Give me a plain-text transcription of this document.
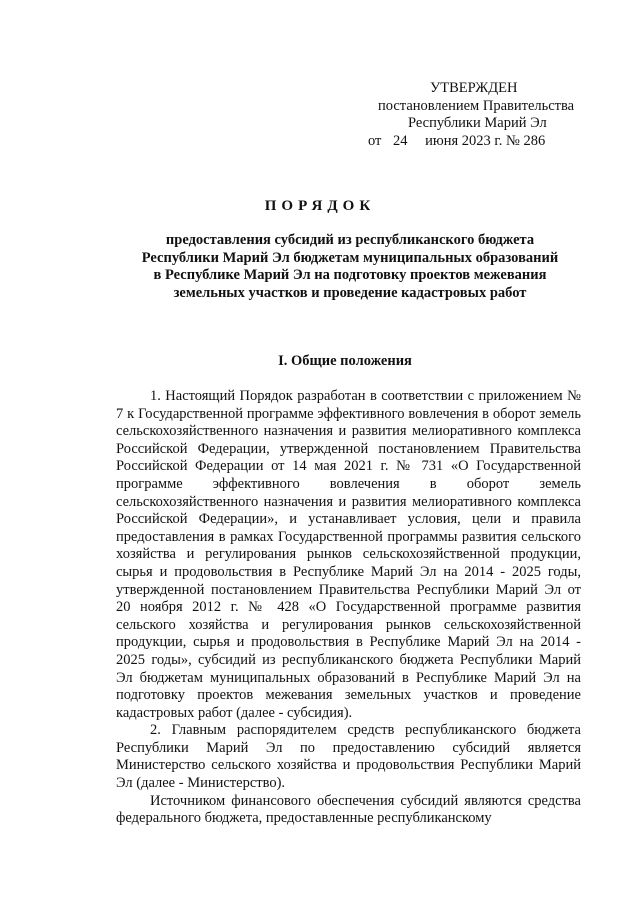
УТВЕРЖДЕН
постановлением Правительства
Республики Марий Эл
от 24 июня 2023 г. № 286
ПОРЯДОК
предоставления субсидий из республиканского бюджета
Республики Марий Эл бюджетам муниципальных образований
в Республике Марий Эл на подготовку проектов межевания
земельных участков и проведение кадастровых работ
I. Общие положения

1. Настоящий Порядок разработан в соответствии с приложением № 7 к Государственной программе эффективного вовлечения в оборот земель сельскохозяйственного назначения и развития мелиоративного комплекса Российской Федерации, утвержденной постановлением Правительства Российской Федерации от 14 мая 2021 г. № 731 «О Государственной программе эффективного вовлечения в оборот земель сельскохозяйственного назначения и развития мелиоративного комплекса Российской Федерации», и устанавливает условия, цели и правила предоставления в рамках Государственной программы развития сельского хозяйства и регулирования рынков сельскохозяйственной продукции, сырья и продовольствия в Республике Марий Эл на 2014 - 2025 годы, утвержденной постановлением Правительства Республики Марий Эл от 20 ноября 2012 г. № 428 «О Государственной программе развития сельского хозяйства и регулирования рынков сельскохозяйственной продукции, сырья и продовольствия в Республике Марий Эл на 2014 - 2025 годы», субсидий из республиканского бюджета Республики Марий Эл бюджетам муниципальных образований в Республике Марий Эл на подготовку проектов межевания земельных участков и проведение кадастровых работ (далее - субсидия).

2. Главным распорядителем средств республиканского бюджета Республики Марий Эл по предоставлению субсидий является Министерство сельского хозяйства и продовольствия Республики Марий Эл (далее - Министерство).

Источником финансового обеспечения субсидий являются средства федерального бюджета, предоставленные республиканскому
